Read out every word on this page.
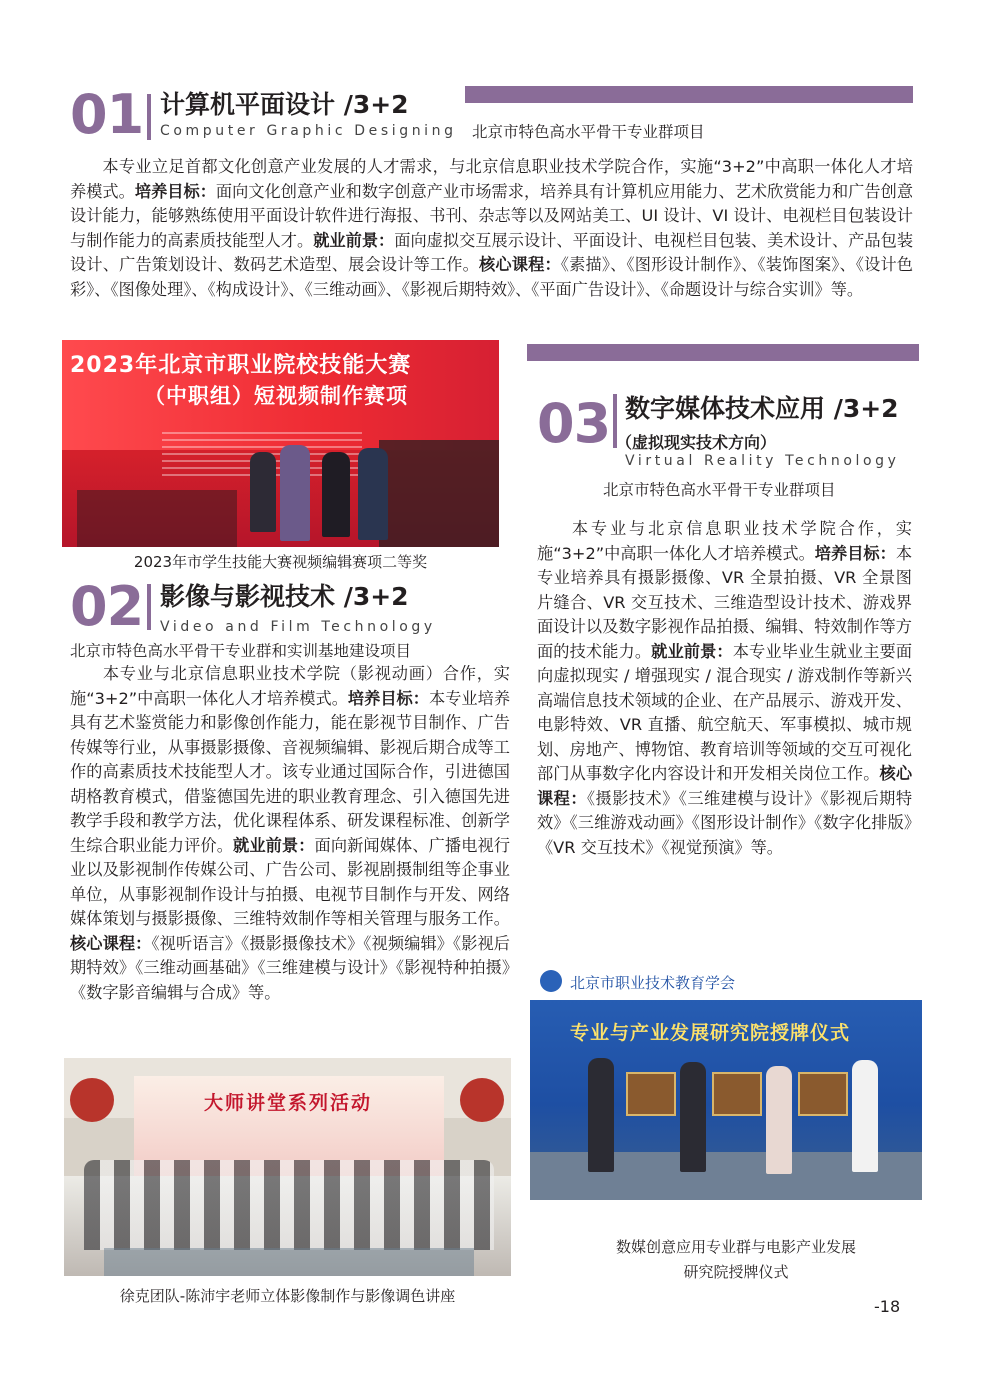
01 计算机平面设计 /3+2
Computer Graphic Designing 北京市特色高水平骨干专业群项目
本专业立足首都文化创意产业发展的人才需求，与北京信息职业技术学院合作，实施“3+2”中高职一体化人才培养模式。培养目标：面向文化创意产业和数字创意产业市场需求，培养具有计算机应用能力、艺术欣赏能力和广告创意设计能力，能够熟练使用平面设计软件进行海报、书刊、杂志等以及网站美工、UI 设计、VI 设计、电视栏目包装设计与制作能力的高素质技能型人才。就业前景：面向虚拟交互展示设计、平面设计、电视栏目包装、美术设计、产品包装设计、广告策划设计、数码艺术造型、展会设计等工作。核心课程：《素描》、《图形设计制作》、《装饰图案》、《设计色彩》、《图像处理》、《构成设计》、《三维动画》、《影视后期特效》、《平面广告设计》、《命题设计与综合实训》等。
2023年北京市职业院校技能大赛
（中职组）短视频制作赛项
2023年市学生技能大赛视频编辑赛项二等奖
02 影像与影视技术 /3+2
Video and Film Technology
北京市特色高水平骨干专业群和实训基地建设项目
本专业与北京信息职业技术学院（影视动画）合作，实施“3+2”中高职一体化人才培养模式。培养目标：本专业培养具有艺术鉴赏能力和影像创作能力，能在影视节目制作、广告传媒等行业，从事摄影摄像、音视频编辑、影视后期合成等工作的高素质技术技能型人才。该专业通过国际合作，引进德国胡格教育模式，借鉴德国先进的职业教育理念、引入德国先进教学手段和教学方法，优化课程体系、研发课程标准、创新学生综合职业能力评价。就业前景：面向新闻媒体、广播电视行业以及影视制作传媒公司、广告公司、影视剧摄制组等企事业单位，从事影视制作设计与拍摄、电视节目制作与开发、网络媒体策划与摄影摄像、三维特效制作等相关管理与服务工作。核心课程：《视听语言》《摄影摄像技术》《视频编辑》《影视后期特效》《三维动画基础》《三维建模与设计》《影视特种拍摄》《数字影音编辑与合成》等。
大师讲堂系列活动
徐克团队-陈沛宇老师立体影像制作与影像调色讲座
03 数字媒体技术应用 /3+2
（虚拟现实技术方向）
Virtual Reality Technology
北京市特色高水平骨干专业群项目
本专业与北京信息职业技术学院合作，实施“3+2”中高职一体化人才培养模式。培养目标：本专业培养具有摄影摄像、VR 全景拍摄、VR 全景图片缝合、VR 交互技术、三维造型设计技术、游戏界面设计以及数字影视作品拍摄、编辑、特效制作等方面的技术能力。就业前景：本专业毕业生就业主要面向虚拟现实 / 增强现实 / 混合现实 / 游戏制作等新兴高端信息技术领域的企业、在产品展示、游戏开发、电影特效、VR 直播、航空航天、军事模拟、城市规划、房地产、博物馆、教育培训等领域的交互可视化部门从事数字化内容设计和开发相关岗位工作。核心课程：《摄影技术》《三维建模与设计》《影视后期特效》《三维游戏动画》《图形设计制作》《数字化排版》《VR 交互技术》《视觉预演》等。
北京市职业技术教育学会
专业与产业发展研究院授牌仪式
数媒创意应用专业群与电影产业发展
研究院授牌仪式
-18
